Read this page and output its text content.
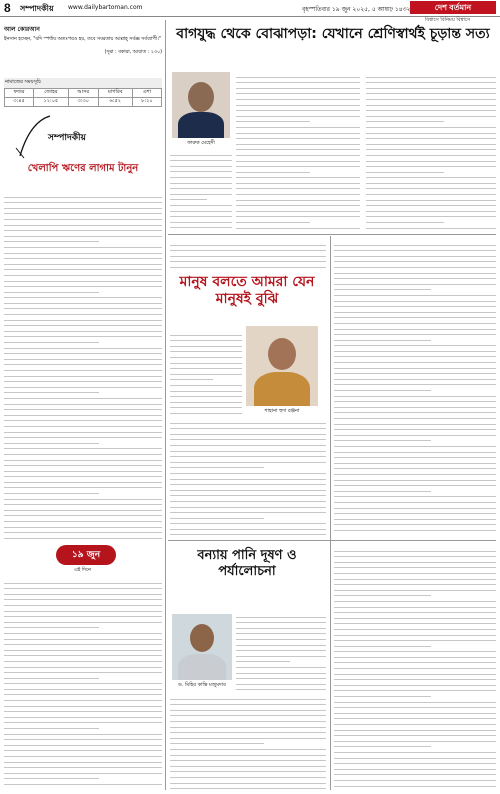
8 সম্পাদকীয় www.dailybartoman.com	বৃহস্পতিবার ১৯ জুন ২০২৫, ৫ আষাঢ় ১৪৩২	দেশ বর্তমান
বিশ্বাসে বিনিময় বিশ্বাসে
আল কোরআন
ইনসান হচ্ছেন, "যদি স্পর্ধায় অতঃপরও হয়, তবে সবরতায় আল্লাহ্‌ সর্বজ্ঞ সর্বব্যাপী।"
(সূরা : বকারা, আয়াত : ২৩০)
নামাজের সময়সূচি
ফজর	জোহর	আসর	মাগরিব	এশা
৩:৪৫	১২:০৫	৩:৩০	৬:৫২	৮:২০
সম্পাদকীয়
খেলাপি ঋণের লাগাম টানুন
১৯ জুন
এই দিনে
বাগযুদ্ধ থেকে বোঝাপড়া: যেখানে শ্রেণিস্বার্থই চূড়ান্ত সত্য
ফারুক মেহেদী
মানুষ বলতে আমরা যেন মানুষই বুঝি
শাহানা হুদা রঞ্জনা
বন্যায় পানি দূষণ ও পর্যালোচনা
ড. মিহির কান্তি মজুমদার
